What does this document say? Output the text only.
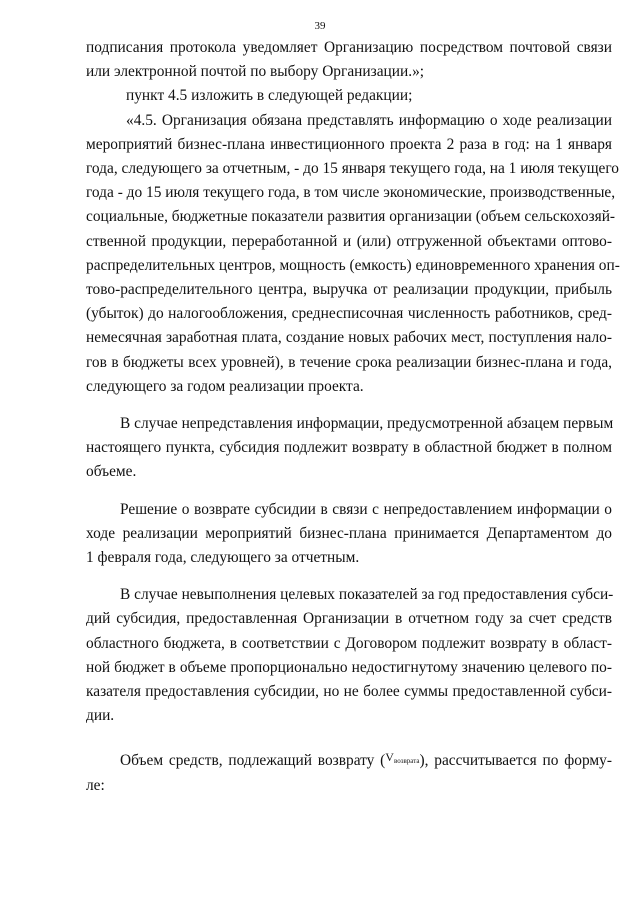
39
подписания протокола уведомляет Организацию посредством почтовой связи
или электронной почтой по выбору Организации.»;
пункт 4.5 изложить в следующей редакции;
«4.5. Организация обязана представлять информацию о ходе реализации
мероприятий бизнес-плана инвестиционного проекта 2 раза в год: на 1 января
года, следующего за отчетным, - до 15 января текущего года, на 1 июля текущего
года - до 15 июля текущего года, в том числе экономические, производственные,
социальные, бюджетные показатели развития организации (объем сельскохозяй-
ственной продукции, переработанной и (или) отгруженной объектами оптово-
распределительных центров, мощность (емкость) единовременного хранения оп-
тово-распределительного центра, выручка от реализации продукции, прибыль
(убыток) до налогообложения, среднесписочная численность работников, сред-
немесячная заработная плата, создание новых рабочих мест, поступления нало-
гов в бюджеты всех уровней), в течение срока реализации бизнес-плана и года,
следующего за годом реализации проекта.
В случае непредставления информации, предусмотренной абзацем первым
настоящего пункта, субсидия подлежит возврату в областной бюджет в полном
объеме.
Решение о возврате субсидии в связи с непредоставлением информации о
ходе реализации мероприятий бизнес-плана принимается Департаментом до
1 февраля года, следующего за отчетным.
В случае невыполнения целевых показателей за год предоставления субси-
дий субсидия, предоставленная Организации в отчетном году за счет средств
областного бюджета, в соответствии с Договором подлежит возврату в област-
ной бюджет в объеме пропорционально недостигнутому значению целевого по-
казателя предоставления субсидии, но не более суммы предоставленной субси-
дии.
Объем средств, подлежащий возврату ($^V$возврата), рассчитывается по форму-
ле:
